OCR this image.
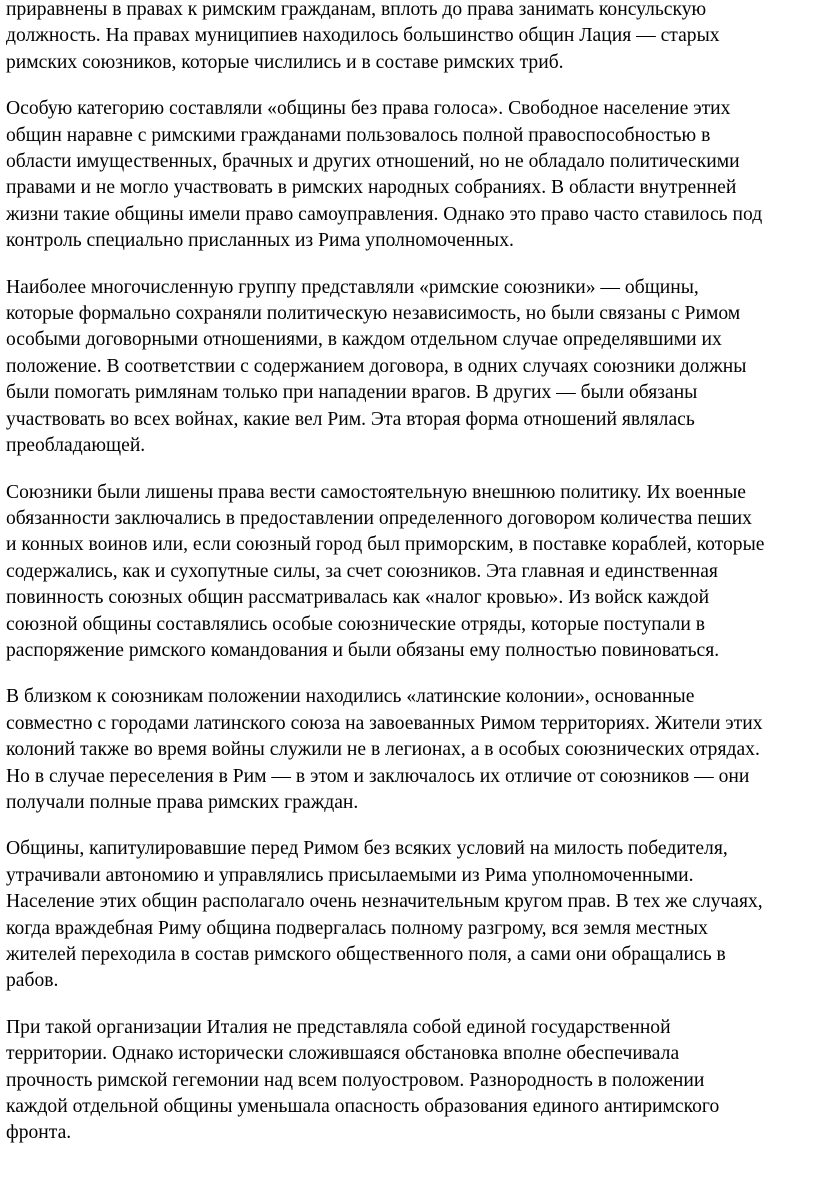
приравнены в правах к римским гражданам, вплоть до права занимать консульскую
должность. На правах муниципиев находилось большинство общин Лация — старых
римских союзников, которые числились и в составе римских триб.

Особую категорию составляли «общины без права голоса». Свободное население этих
общин наравне с римскими гражданами пользовалось полной правоспособностью в
области имущественных, брачных и других отношений, но не обладало политическими
правами и не могло участвовать в римских народных собраниях. В области внутренней
жизни такие общины имели право самоуправления. Однако это право часто ставилось под
контроль специально присланных из Рима уполномоченных.

Наиболее многочисленную группу представляли «римские союзники» — общины,
которые формально сохраняли политическую независимость, но были связаны с Римом
особыми договорными отношениями, в каждом отдельном случае определявшими их
положение. В соответствии с содержанием договора, в одних случаях союзники должны
были помогать римлянам только при нападении врагов. В других — были обязаны
участвовать во всех войнах, какие вел Рим. Эта вторая форма отношений являлась
преобладающей.

Союзники были лишены права вести самостоятельную внешнюю политику. Их военные
обязанности заключались в предоставлении определенного договором количества пеших
и конных воинов или, если союзный город был приморским, в поставке кораблей, которые
содержались, как и сухопутные силы, за счет союзников. Эта главная и единственная
повинность союзных общин рассматривалась как «налог кровью». Из войск каждой
союзной общины составлялись особые союзнические отряды, которые поступали в
распоряжение римского командования и были обязаны ему полностью повиноваться.

В близком к союзникам положении находились «латинские колонии», основанные
совместно с городами латинского союза на завоеванных Римом территориях. Жители этих
колоний также во время войны служили не в легионах, а в особых союзнических отрядах.
Но в случае переселения в Рим — в этом и заключалось их отличие от союзников — они
получали полные права римских граждан.

Общины, капитулировавшие перед Римом без всяких условий на милость победителя,
утрачивали автономию и управлялись присылаемыми из Рима уполномоченными.
Население этих общин располагало очень незначительным кругом прав. В тех же случаях,
когда враждебная Риму община подвергалась полному разгрому, вся земля местных
жителей переходила в состав римского общественного поля, а сами они обращались в
рабов.

При такой организации Италия не представляла собой единой государственной
территории. Однако исторически сложившаяся обстановка вполне обеспечивала
прочность римской гегемонии над всем полуостровом. Разнородность в положении
каждой отдельной общины уменьшала опасность образования единого антиримского
фронта.
